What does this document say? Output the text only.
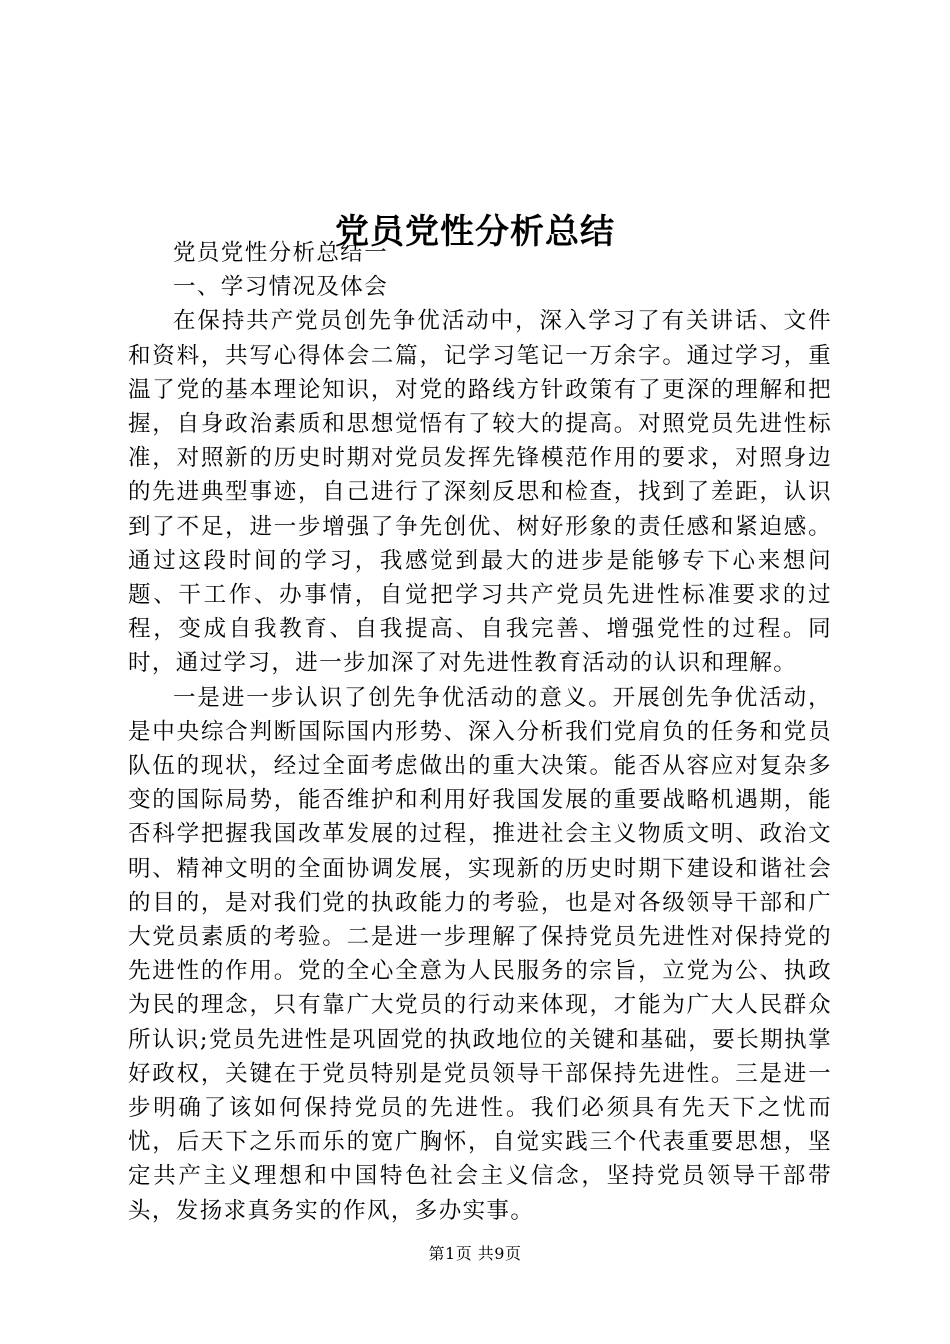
党员党性分析总结

党员党性分析总结一

一、学习情况及体会

在保持共产党员创先争优活动中，深入学习了有关讲话、文件和资料，共写心得体会二篇，记学习笔记一万余字。通过学习，重温了党的基本理论知识，对党的路线方针政策有了更深的理解和把握，自身政治素质和思想觉悟有了较大的提高。对照党员先进性标准，对照新的历史时期对党员发挥先锋模范作用的要求，对照身边的先进典型事迹，自己进行了深刻反思和检查，找到了差距，认识到了不足，进一步增强了争先创优、树好形象的责任感和紧迫感。通过这段时间的学习，我感觉到最大的进步是能够专下心来想问题、干工作、办事情，自觉把学习共产党员先进性标准要求的过程，变成自我教育、自我提高、自我完善、增强党性的过程。同时，通过学习，进一步加深了对先进性教育活动的认识和理解。

一是进一步认识了创先争优活动的意义。开展创先争优活动，是中央综合判断国际国内形势、深入分析我们党肩负的任务和党员队伍的现状，经过全面考虑做出的重大决策。能否从容应对复杂多变的国际局势，能否维护和利用好我国发展的重要战略机遇期，能否科学把握我国改革发展的过程，推进社会主义物质文明、政治文明、精神文明的全面协调发展，实现新的历史时期下建设和谐社会的目的，是对我们党的执政能力的考验，也是对各级领导干部和广大党员素质的考验。二是进一步理解了保持党员先进性对保持党的先进性的作用。党的全心全意为人民服务的宗旨，立党为公、执政为民的理念，只有靠广大党员的行动来体现，才能为广大人民群众所认识;党员先进性是巩固党的执政地位的关键和基础，要长期执掌好政权，关键在于党员特别是党员领导干部保持先进性。三是进一步明确了该如何保持党员的先进性。我们必须具有先天下之忧而忧，后天下之乐而乐的宽广胸怀，自觉实践三个代表重要思想，坚定共产主义理想和中国特色社会主义信念，坚持党员领导干部带头，发扬求真务实的作风，多办实事。

第1页 共9页
